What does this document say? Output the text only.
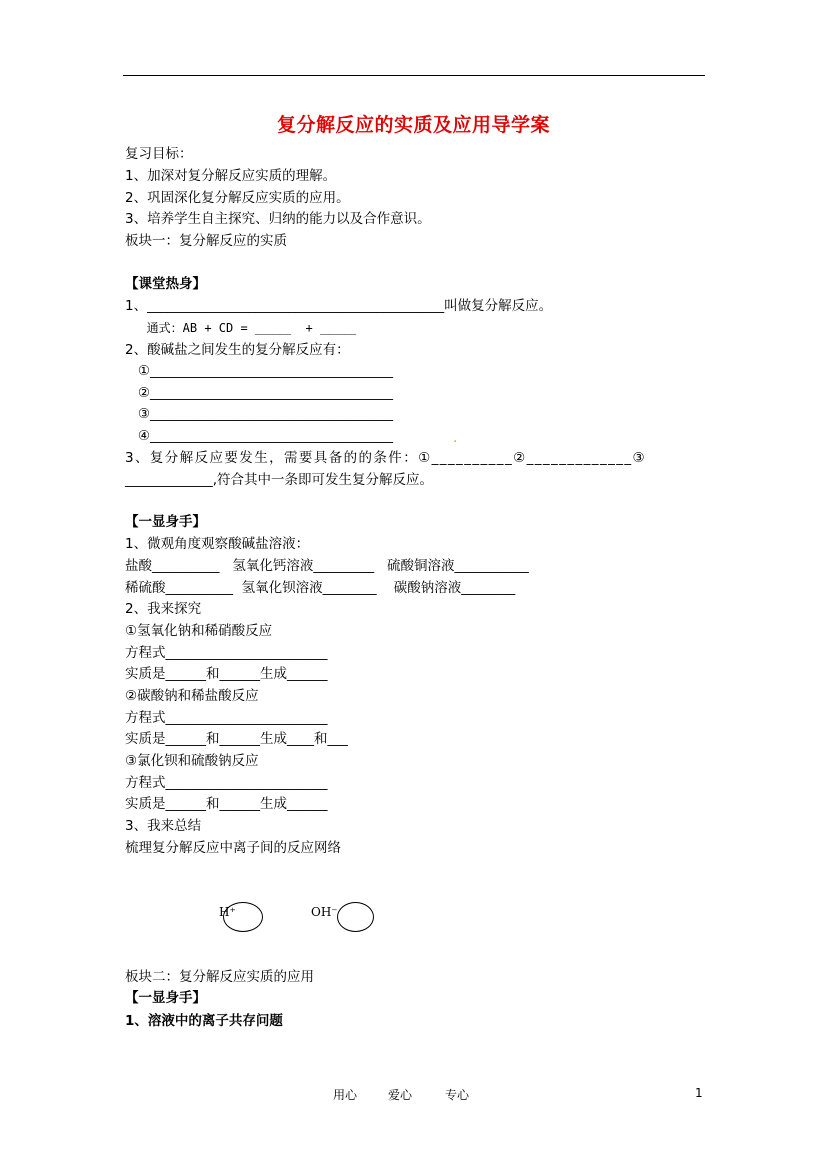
复分解反应的实质及应用导学案
复习目标：
1、加深对复分解反应实质的理解。
2、巩固深化复分解反应实质的应用。
3、培养学生自主探究、归纳的能力以及合作意识。
板块一：复分解反应的实质
【课堂热身】
1、____________________________________________叫做复分解反应。
通式：AB + CD = _____  + _____
2、酸碱盐之间发生的复分解反应有：
①____________________________________
②____________________________________
③____________________________________
④____________________________________	.
3、复分解反应要发生，需要具备的的条件：①__________②_____________③
_____________,符合其中一条即可发生复分解反应。
【一显身手】
1、微观角度观察酸碱盐溶液：
盐酸__________   氢氧化钙溶液_________   硫酸铜溶液___________
稀硫酸__________  氢氧化钡溶液________    碳酸钠溶液________
2、我来探究
①氢氧化钠和稀硝酸反应
方程式________________________
实质是______和______生成______
②碳酸钠和稀盐酸反应
方程式________________________
实质是______和______生成____和___
③氯化钡和硫酸钠反应
方程式________________________
实质是______和______生成______
3、我来总结
梳理复分解反应中离子间的反应网络
H⁺	OH⁻
板块二：复分解反应实质的应用
【一显身手】
1、溶液中的离子共存问题
用心	爱心	专心	1
